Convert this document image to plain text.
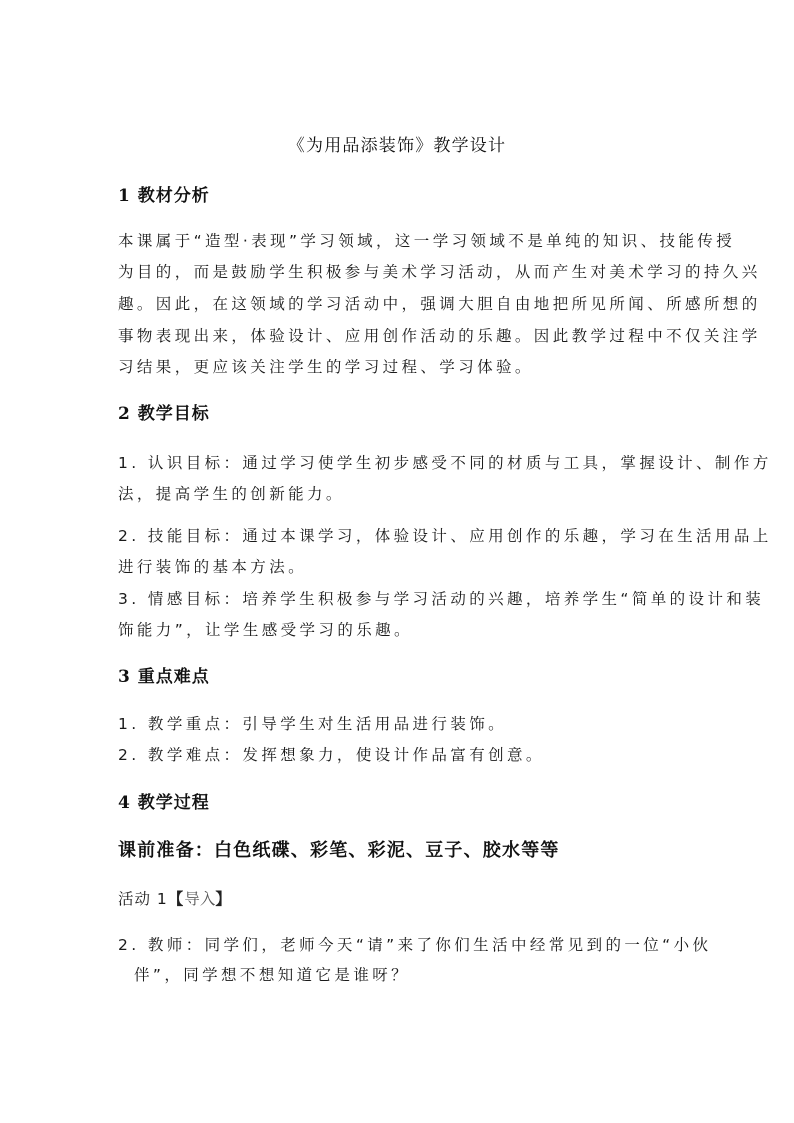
《为用品添装饰》教学设计
1 教材分析
本课属于“造型·表现”学习领域，这一学习领域不是单纯的知识、技能传授
为目的，而是鼓励学生积极参与美术学习活动，从而产生对美术学习的持久兴
趣。因此，在这领域的学习活动中，强调大胆自由地把所见所闻、所感所想的
事物表现出来，体验设计、应用创作活动的乐趣。因此教学过程中不仅关注学
习结果，更应该关注学生的学习过程、学习体验。
2 教学目标
1. 认识目标：通过学习使学生初步感受不同的材质与工具，掌握设计、制作方
法，提高学生的创新能力。
2. 技能目标：通过本课学习，体验设计、应用创作的乐趣，学习在生活用品上
进行装饰的基本方法。
3. 情感目标：培养学生积极参与学习活动的兴趣，培养学生“简单的设计和装
饰能力”，让学生感受学习的乐趣。
3 重点难点
1. 教学重点：引导学生对生活用品进行装饰。
2. 教学难点：发挥想象力，使设计作品富有创意。
4 教学过程
课前准备：白色纸碟、彩笔、彩泥、豆子、胶水等等
活动 1【导入】
2. 教师：同学们，老师今天“请”来了你们生活中经常见到的一位“小伙
伴”，同学想不想知道它是谁呀？
